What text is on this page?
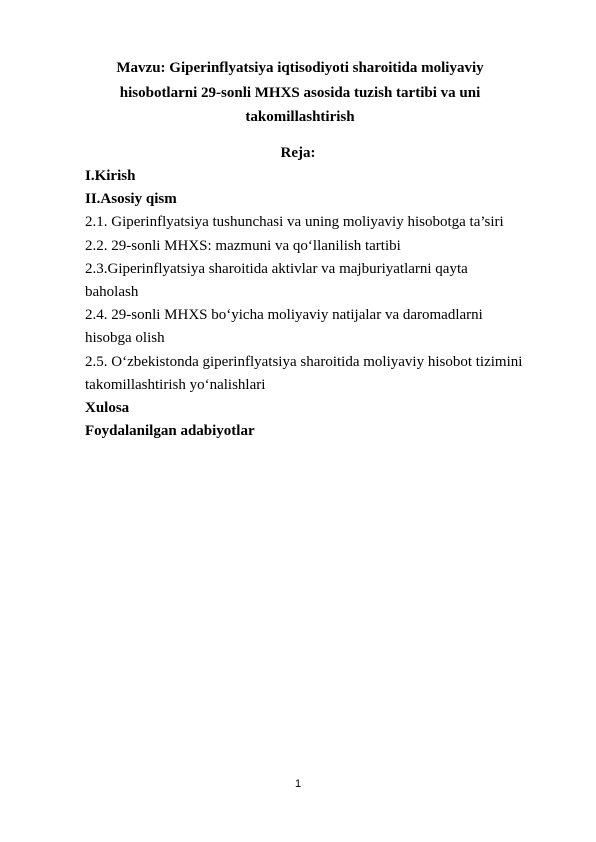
Mavzu: Giperinflyatsiya iqtisodiyoti sharoitida moliyaviy
hisobotlarni 29-sonli MHXS asosida tuzish tartibi va uni
takomillashtirish
Reja:
I.Kirish
II.Asosiy qism
2.1. Giperinflyatsiya tushunchasi va uning moliyaviy hisobotga ta’siri
2.2. 29-sonli MHXS: mazmuni va qo‘llanilish tartibi
2.3.Giperinflyatsiya sharoitida aktivlar va majburiyatlarni qayta
baholash
2.4. 29-sonli MHXS bo‘yicha moliyaviy natijalar va daromadlarni
hisobga olish
2.5. O‘zbekistonda giperinflyatsiya sharoitida moliyaviy hisobot tizimini
takomillashtirish yo‘nalishlari
Xulosa
Foydalanilgan adabiyotlar
1
